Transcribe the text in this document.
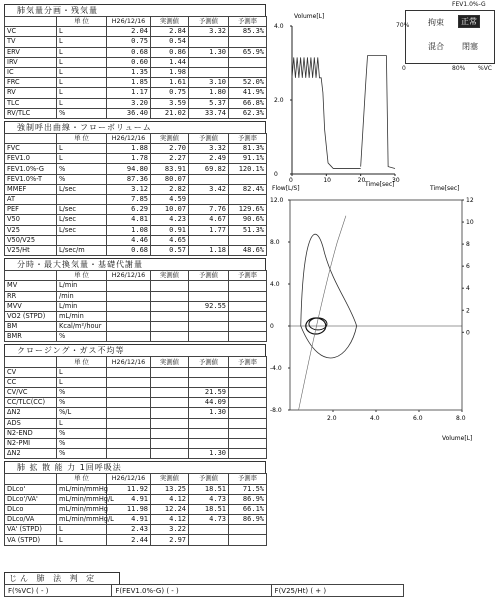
肺気量分画・残気量
	単 位	H26/12/16	実測値	予測値	予測率
VC	L	2.04	2.84	3.32	85.3%
TV	L	0.75	0.54		
ERV	L	0.68	0.86	1.30	65.9%
IRV	L	0.60	1.44		
IC	L	1.35	1.98		
FRC	L	1.85	1.61	3.10	52.0%
RV	L	1.17	0.75	1.80	41.9%
TLC	L	3.20	3.59	5.37	66.8%
RV/TLC	%	36.40	21.02	33.74	62.3%
強制呼出曲線・フローボリューム
	単 位	H26/12/16	実測値	予測値	予測率
FVC	L	1.88	2.70	3.32	81.3%
FEV1.0	L	1.78	2.27	2.49	91.1%
FEV1.0%-G	%	94.80	83.91	69.82	120.1%
FEV1.0%-T	%	87.36	80.07		
MMEF	L/sec	3.12	2.82	3.42	82.4%
AT		7.85	4.59		
PEF	L/sec	6.29	10.07	7.76	129.6%
V50	L/sec	4.81	4.23	4.67	90.6%
V25	L/sec	1.08	0.91	1.77	51.3%
V50/V25		4.46	4.65		
V25/Ht	L/sec/m	0.68	0.57	1.18	48.6%
分時・最大換気量・基礎代謝量
	単 位	H26/12/16	実測値	予測値	予測率
MV	L/min				
RR	/min				
MVV	L/min			92.55	
VO2 (STPD)	mL/min				
BM	Kcal/m²/hour				
BMR	%				
クロージング・ガス不均等
	単 位	H26/12/16	実測値	予測値	予測率
CV	L				
CC	L				
CV/VC	%			21.59	
CC/TLC(CC)	%			44.09	
ΔN2	%/L			1.30	
ADS	L				
N2-END	%				
N2-PMI	%				
ΔN2	%			1.30	
肺 拡 散 能 力 1回呼吸法
	単 位	H26/12/16	実測値	予測値	予測率
DLco'	mL/min/mmHg	11.92	13.25	18.51	71.5%
DLco'/VA'	mL/min/mmHg/L	4.91	4.12	4.73	86.9%
DLco	mL/min/mmHg	11.98	12.24	18.51	66.1%
DLco/VA	mL/min/mmHg/L	4.91	4.12	4.73	86.9%
VA' (STPD)	L	2.43	3.22		
VA (STPD)	L	2.44	2.97		
拘束	正常
混合 閉塞
70%
0	80% %VC
FEV1.0%-G
Volume[L]
Time[sec]
4.0
2.0
0
0	10	20	30
Flow[L/S]	Time[sec]
Volume[L]
12.0
8.0
4.0
0
-4.0
-8.0
12
10
8
6
4
2
0
2.0	4.0	6.0	8.0
じん 肺 法 判 定
F(%VC) ( - )	F(FEV1.0%-G) ( - )	F(V25/Ht) ( + )
